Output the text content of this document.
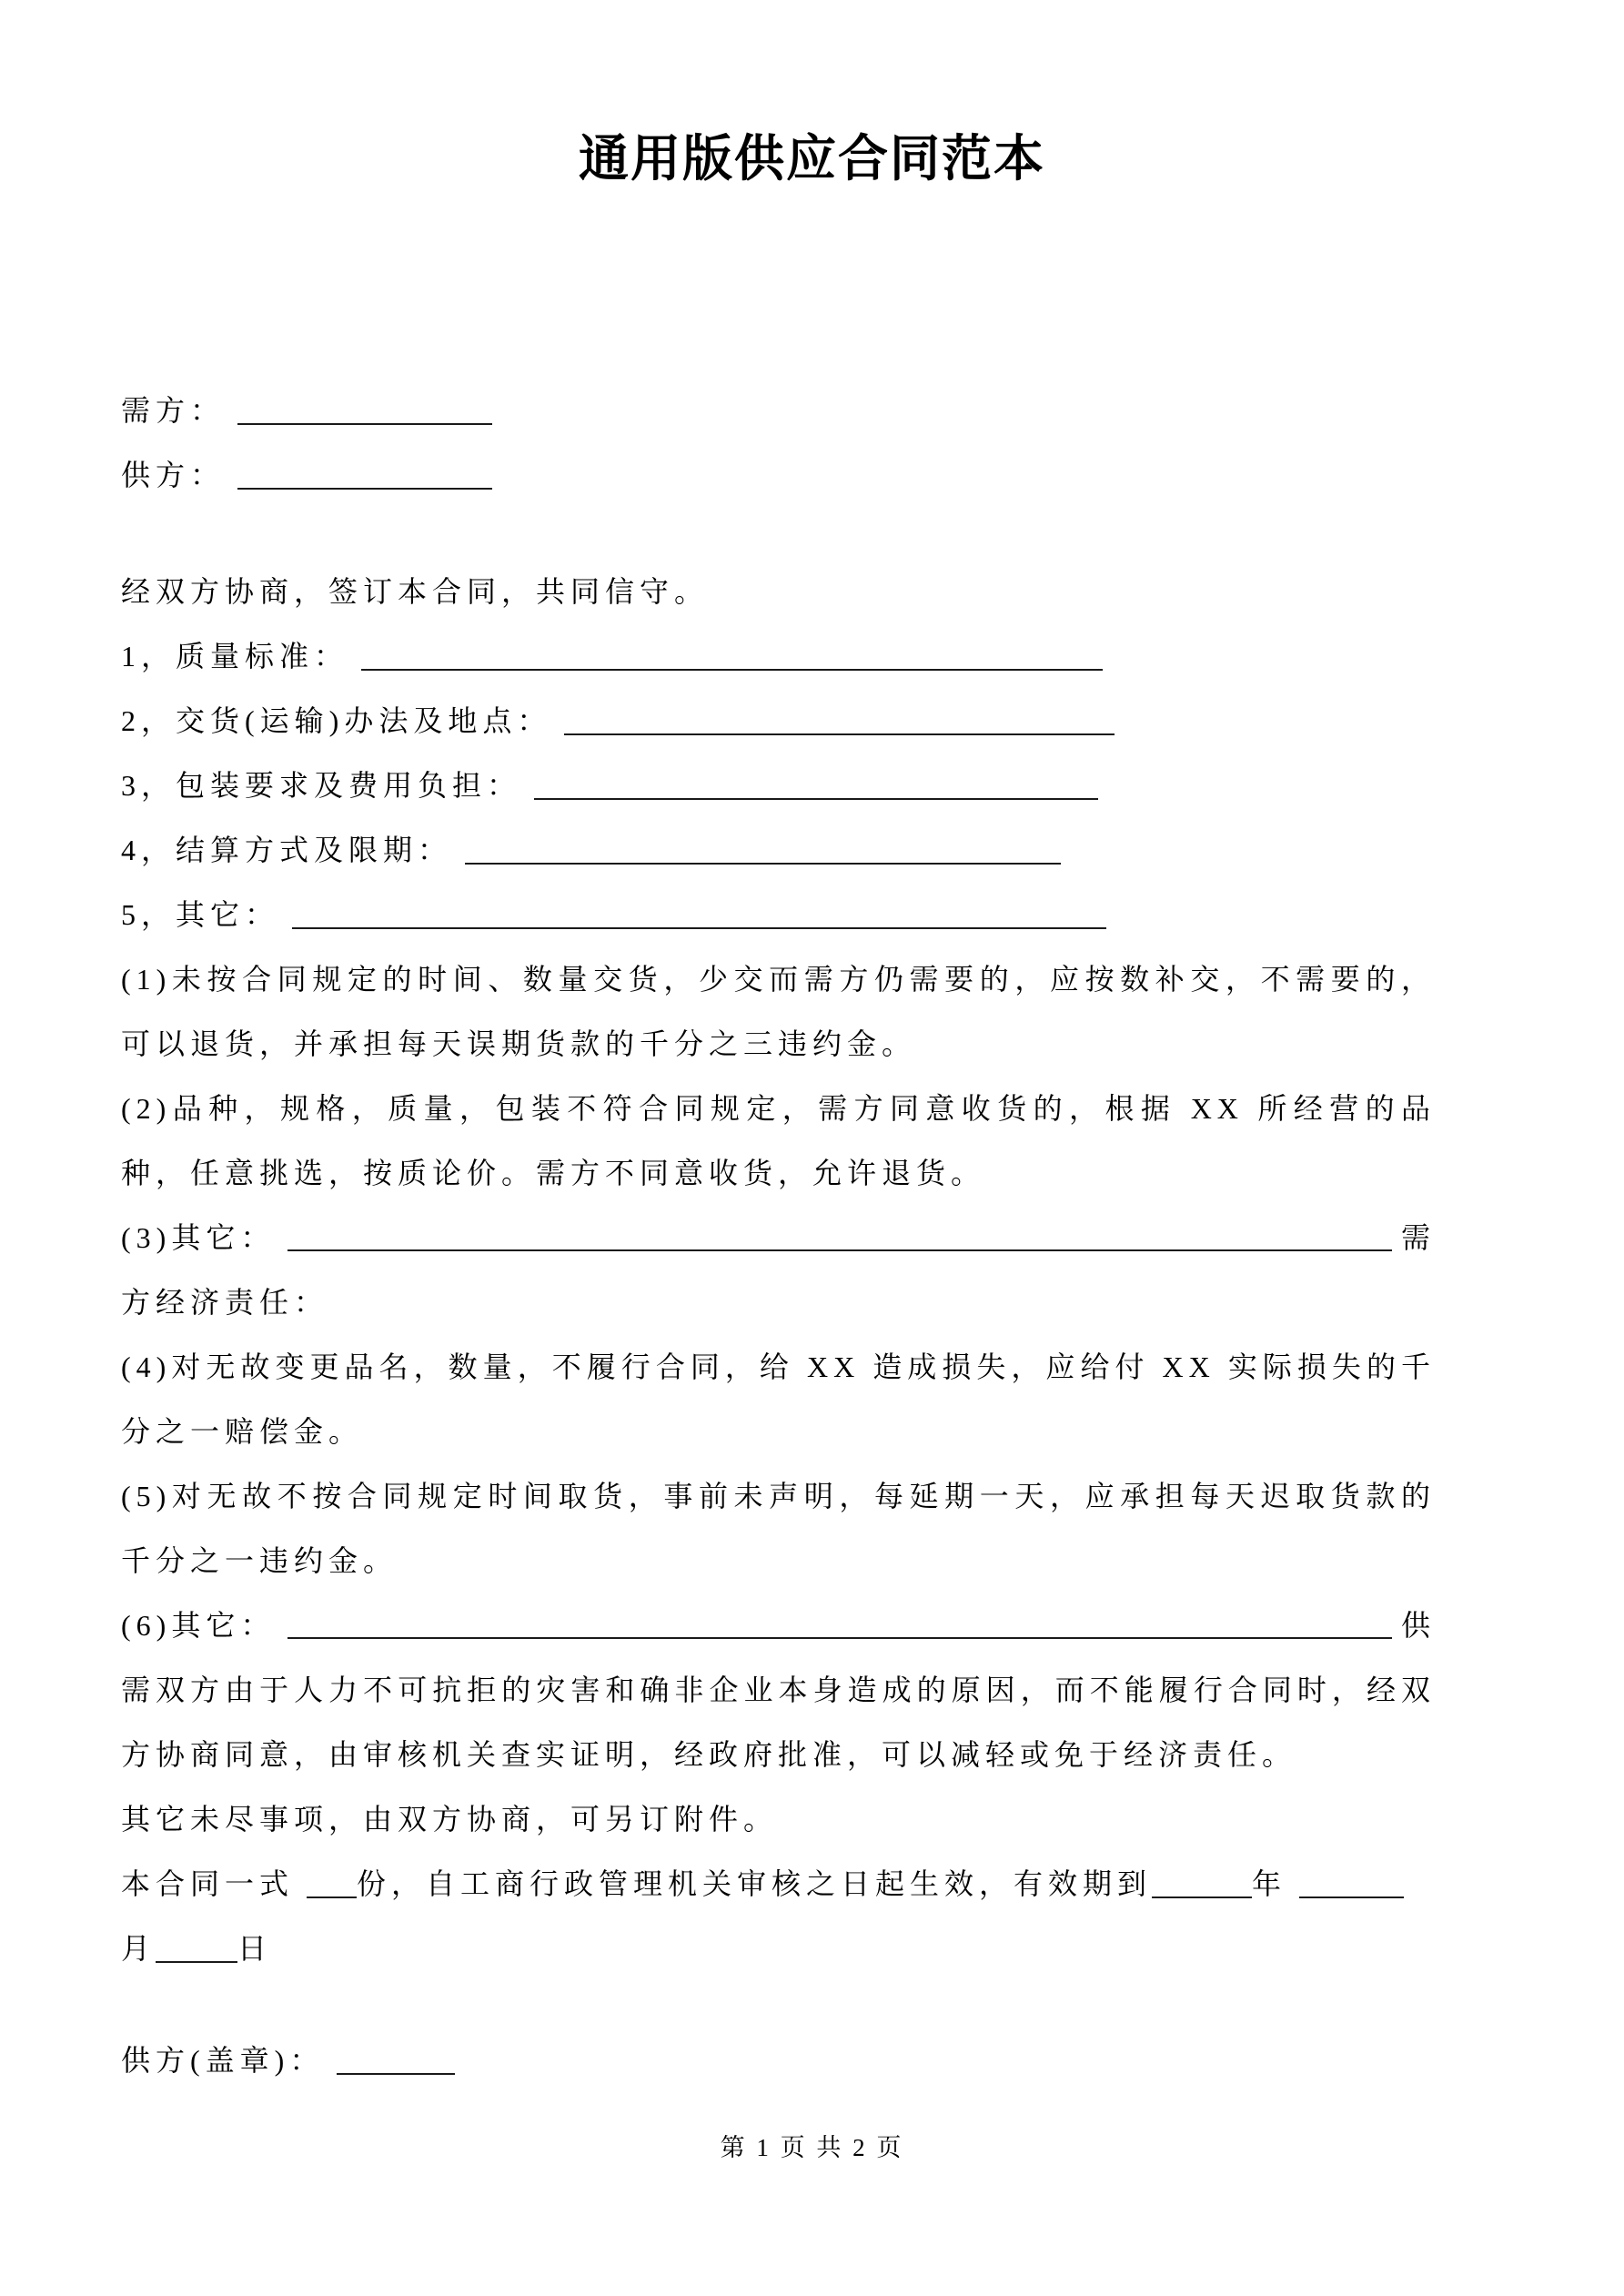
通用版供应合同范本
需方：
供方：
经双方协商，签订本合同，共同信守。
1，质量标准：
2，交货(运输)办法及地点：
3，包装要求及费用负担：
4，结算方式及限期：
5，其它：
(1)未按合同规定的时间、数量交货，少交而需方仍需要的，应按数补交，不需要的，可以退货，并承担每天误期货款的千分之三违约金。
(2)品种，规格，质量，包装不符合同规定，需方同意收货的，根据 XX 所经营的品种，任意挑选，按质论价。需方不同意收货，允许退货。
(3)其它：	需
方经济责任：
(4)对无故变更品名，数量，不履行合同，给 XX 造成损失，应给付 XX 实际损失的千分之一赔偿金。
(5)对无故不按合同规定时间取货，事前未声明，每延期一天，应承担每天迟取货款的千分之一违约金。
(6)其它：	供
需双方由于人力不可抗拒的灾害和确非企业本身造成的原因，而不能履行合同时，经双方协商同意，由审核机关查实证明，经政府批准，可以减轻或免于经济责任。
其它未尽事项，由双方协商，可另订附件。
本合同一式 份，自工商行政管理机关审核之日起生效，有效期到	年
月	日
供方(盖章)：
第 1 页 共 2 页
